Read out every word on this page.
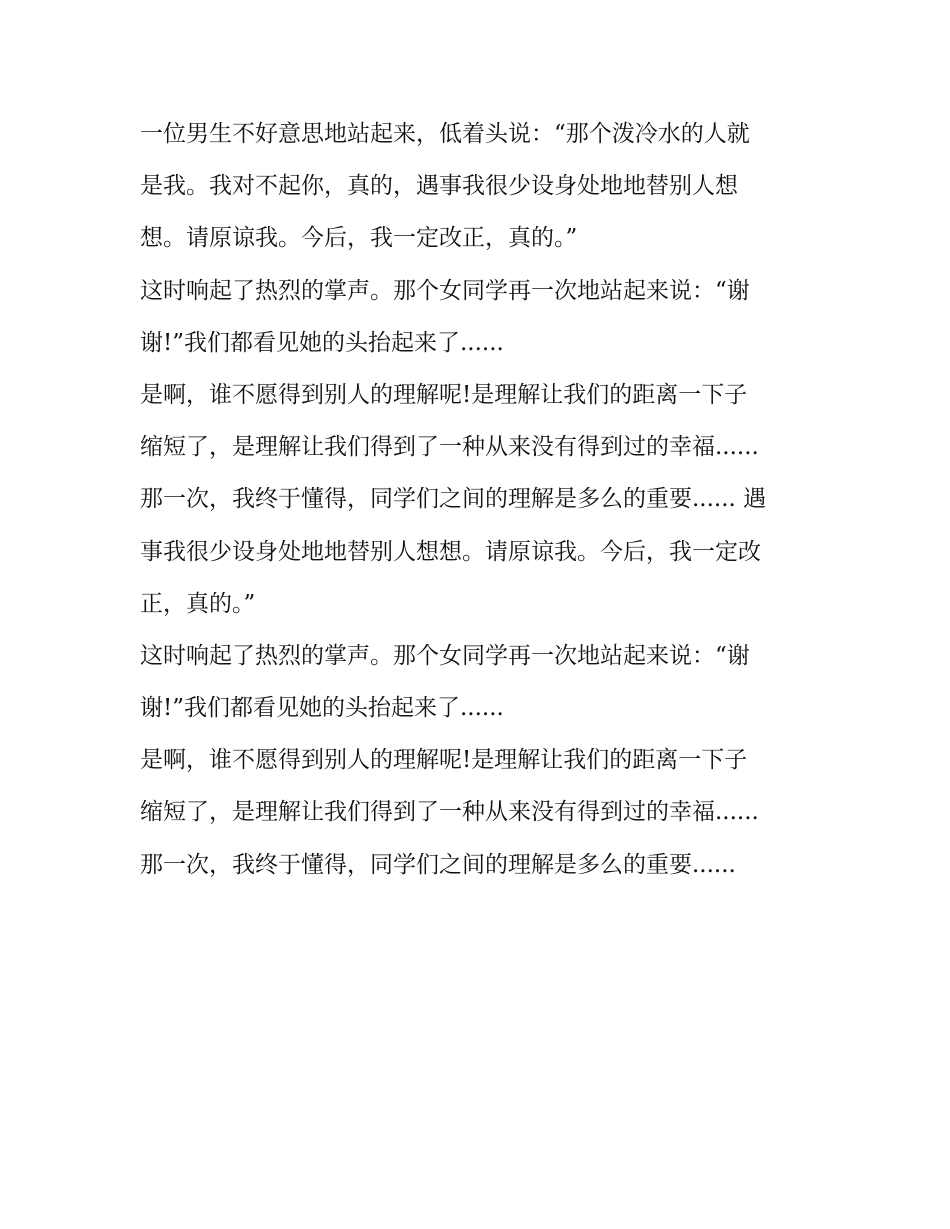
一位男生不好意思地站起来，低着头说：“那个泼冷水的人就
是我。我对不起你，真的，遇事我很少设身处地地替别人想
想。请原谅我。今后，我一定改正，真的。”
这时响起了热烈的掌声。那个女同学再一次地站起来说：“谢
谢!”我们都看见她的头抬起来了......
是啊，谁不愿得到别人的理解呢!是理解让我们的距离一下子
缩短了，是理解让我们得到了一种从来没有得到过的幸福......
那一次，我终于懂得，同学们之间的理解是多么的重要...... 遇
事我很少设身处地地替别人想想。请原谅我。今后，我一定改
正，真的。”
这时响起了热烈的掌声。那个女同学再一次地站起来说：“谢
谢!”我们都看见她的头抬起来了......
是啊，谁不愿得到别人的理解呢!是理解让我们的距离一下子
缩短了，是理解让我们得到了一种从来没有得到过的幸福......
那一次，我终于懂得，同学们之间的理解是多么的重要......
